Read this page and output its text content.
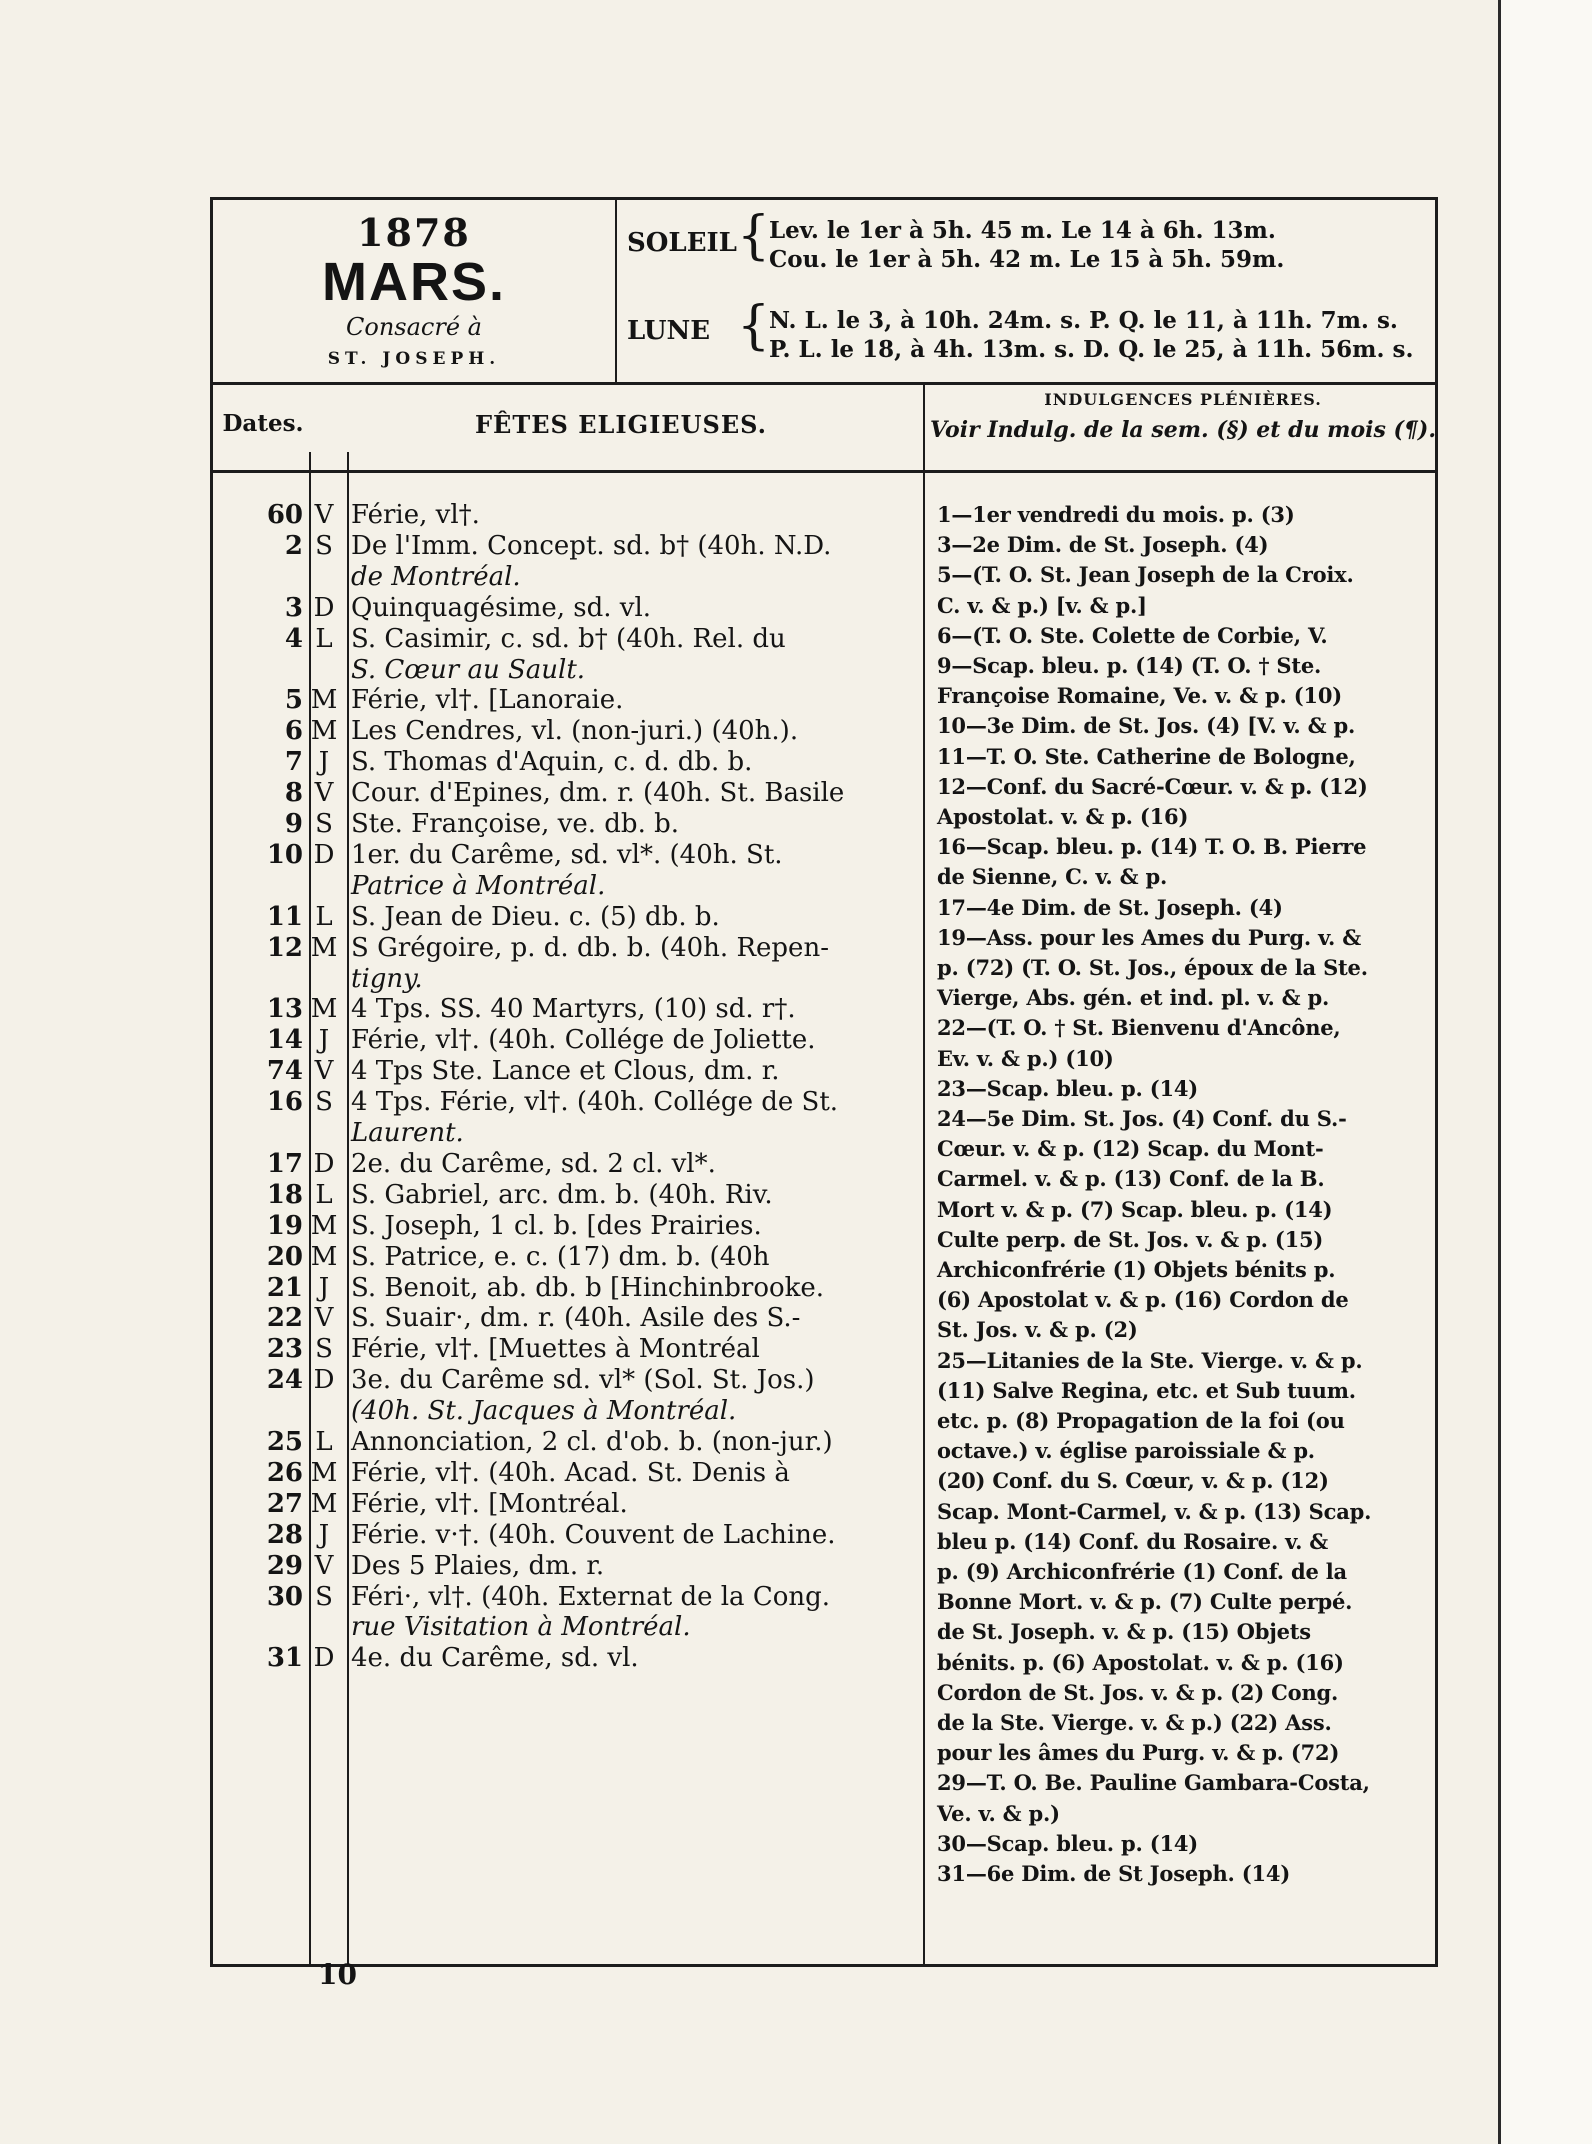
1878
MARS.
Consacré à
ST. JOSEPH.
SOLEIL {
Lev. le 1er à 5h. 45 m. Le 14 à 6h. 13m.
Cou. le 1er à 5h. 42 m. Le 15 à 5h. 59m.
LUNE {
N. L. le 3, à 10h. 24m. s. P. Q. le 11, à 11h. 7m. s.
P. L. le 18, à 4h. 13m. s. D. Q. le 25, à 11h. 56m. s.
Dates.	FÊTES ELIGIEUSES.
INDULGENCES PLÉNIÈRES.
Voir Indulg. de la sem. (§) et du mois (¶).
60 V Férie, vl†.
2 S De l'Imm. Concept. sd. b† (40h. N.D.
de Montréal.
3 D Quinquagésime, sd. vl.
4 L S. Casimir, c. sd. b† (40h. Rel. du
S. Cœur au Sault.
5 M Férie, vl†. [Lanoraie.
6 M Les Cendres, vl. (non-juri.) (40h.).
7 J S. Thomas d'Aquin, c. d. db. b.
8 V Cour. d'Epines, dm. r. (40h. St. Basile
9 S Ste. Françoise, ve. db. b.
10 D 1er. du Carême, sd. vl*. (40h. St.
Patrice à Montréal.
11 L S. Jean de Dieu. c. (5) db. b.
12 M S Grégoire, p. d. db. b. (40h. Repen-
tigny.
13 M 4 Tps. SS. 40 Martyrs, (10) sd. r†.
14 J Férie, vl†. (40h. Collége de Joliette.
74 V 4 Tps Ste. Lance et Clous, dm. r.
16 S 4 Tps. Férie, vl†. (40h. Collége de St.
Laurent.
17 D 2e. du Carême, sd. 2 cl. vl*.
18 L S. Gabriel, arc. dm. b. (40h. Riv.
19 M S. Joseph, 1 cl. b. [des Prairies.
20 M S. Patrice, e. c. (17) dm. b. (40h
21 J S. Benoit, ab. db. b [Hinchinbrooke.
22 V S. Suair·, dm. r. (40h. Asile des S.-
23 S Férie, vl†. [Muettes à Montréal
24 D 3e. du Carême sd. vl* (Sol. St. Jos.)
(40h. St. Jacques à Montréal.
25 L Annonciation, 2 cl. d'ob. b. (non-jur.)
26 M Férie, vl†. (40h. Acad. St. Denis à
27 M Férie, vl†. [Montréal.
28 J Férie. v·†. (40h. Couvent de Lachine.
29 V Des 5 Plaies, dm. r.
30 S Féri·, vl†. (40h. Externat de la Cong.
rue Visitation à Montréal.
31 D 4e. du Carême, sd. vl.
1—1er vendredi du mois. p. (3)
3—2e Dim. de St. Joseph. (4)
5—(T. O. St. Jean Joseph de la Croix.
C. v. & p.) [v. & p.]
6—(T. O. Ste. Colette de Corbie, V.
9—Scap. bleu. p. (14) (T. O. † Ste.
Françoise Romaine, Ve. v. & p. (10)
10—3e Dim. de St. Jos. (4) [V. v. & p.
11—T. O. Ste. Catherine de Bologne,
12—Conf. du Sacré-Cœur. v. & p. (12)
Apostolat. v. & p. (16)
16—Scap. bleu. p. (14) T. O. B. Pierre
de Sienne, C. v. & p.
17—4e Dim. de St. Joseph. (4)
19—Ass. pour les Ames du Purg. v. &
p. (72) (T. O. St. Jos., époux de la Ste.
Vierge, Abs. gén. et ind. pl. v. & p.
22—(T. O. † St. Bienvenu d'Ancône,
Ev. v. & p.) (10)
23—Scap. bleu. p. (14)
24—5e Dim. St. Jos. (4) Conf. du S.-
Cœur. v. & p. (12) Scap. du Mont-
Carmel. v. & p. (13) Conf. de la B.
Mort v. & p. (7) Scap. bleu. p. (14)
Culte perp. de St. Jos. v. & p. (15)
Archiconfrérie (1) Objets bénits p.
(6) Apostolat v. & p. (16) Cordon de
St. Jos. v. & p. (2)
25—Litanies de la Ste. Vierge. v. & p.
(11) Salve Regina, etc. et Sub tuum.
etc. p. (8) Propagation de la foi (ou
octave.) v. église paroissiale & p.
(20) Conf. du S. Cœur, v. & p. (12)
Scap. Mont-Carmel, v. & p. (13) Scap.
bleu p. (14) Conf. du Rosaire. v. &
p. (9) Archiconfrérie (1) Conf. de la
Bonne Mort. v. & p. (7) Culte perpé.
de St. Joseph. v. & p. (15) Objets
bénits. p. (6) Apostolat. v. & p. (16)
Cordon de St. Jos. v. & p. (2) Cong.
de la Ste. Vierge. v. & p.) (22) Ass.
pour les âmes du Purg. v. & p. (72)
29—T. O. Be. Pauline Gambara-Costa,
Ve. v. & p.)
30—Scap. bleu. p. (14)
31—6e Dim. de St Joseph. (14)
10
